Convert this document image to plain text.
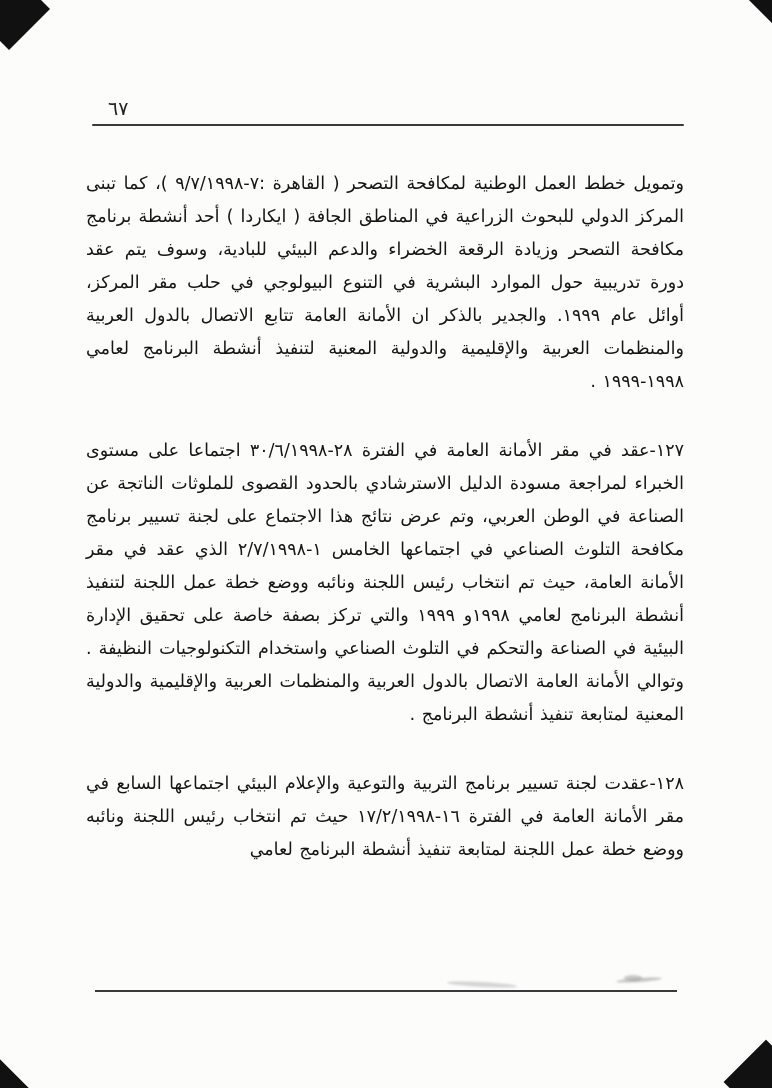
٦٧

وتمويل خطط العمل الوطنية لمكافحة التصحر ( القاهرة :٧-٩/٧/١٩٩٨ )، كما تبنى المركز الدولي للبحوث الزراعية في المناطق الجافة ( ايكاردا ) أحد أنشطة برنامج مكافحة التصحر وزيادة الرقعة الخضراء والدعم البيئي للبادية، وسوف يتم عقد دورة تدريبية حول الموارد البشرية في التنوع البيولوجي في حلب مقر المركز، أوائل عام ١٩٩٩. والجدير بالذكر ان الأمانة العامة تتابع الاتصال بالدول العربية والمنظمات العربية والإقليمية والدولية المعنية لتنفيذ أنشطة البرنامج لعامي ١٩٩٨-١٩٩٩ .

١٢٧-عقد في مقر الأمانة العامة في الفترة ٢٨-٣٠/٦/١٩٩٨ اجتماعا على مستوى الخبراء لمراجعة مسودة الدليل الاسترشادي بالحدود القصوى للملوثات الناتجة عن الصناعة في الوطن العربي، وتم عرض نتائج هذا الاجتماع على لجنة تسيير برنامج مكافحة التلوث الصناعي في اجتماعها الخامس ١-٢/٧/١٩٩٨ الذي عقد في مقر الأمانة العامة، حيث تم انتخاب رئيس اللجنة ونائبه ووضع خطة عمل اللجنة لتنفيذ أنشطة البرنامج لعامي ١٩٩٨و ١٩٩٩ والتي تركز بصفة خاصة على تحقيق الإدارة البيئية في الصناعة والتحكم في التلوث الصناعي واستخدام التكنولوجيات النظيفة . وتوالي الأمانة العامة الاتصال بالدول العربية والمنظمات العربية والإقليمية والدولية المعنية لمتابعة تنفيذ أنشطة البرنامج .

١٢٨-عقدت لجنة تسيير برنامج التربية والتوعية والإعلام البيئي اجتماعها السابع في مقر الأمانة العامة في الفترة ١٦-١٧/٢/١٩٩٨ حيث تم انتخاب رئيس اللجنة ونائبه ووضع خطة عمل اللجنة لمتابعة تنفيذ أنشطة البرنامج لعامي
